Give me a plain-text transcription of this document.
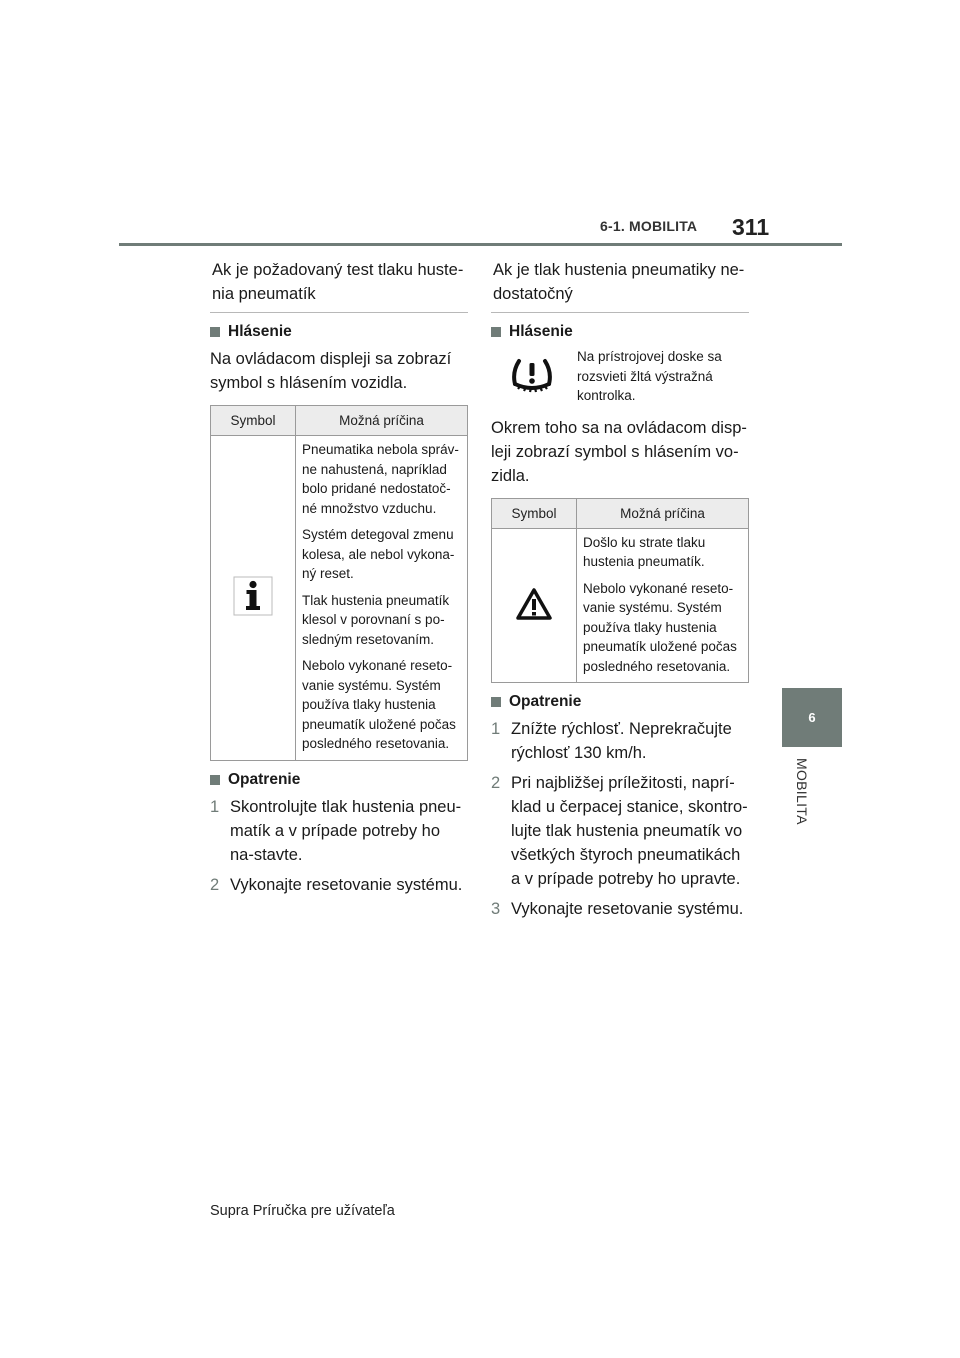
6-1. MOBILITA 311
6
MOBILITA
Ak je požadovaný test tlaku huste-nia pneumatík
Hlásenie
Na ovládacom displeji sa zobrazí symbol s hlásením vozidla.
Symbol	Možná príčina

Pneumatika nebola správ-ne nahustená, napríklad bolo pridané nedostatoč-né množstvo vzduchu.
Systém detegoval zmenu kolesa, ale nebol vykona-ný reset.
Tlak hustenia pneumatík klesol v porovnaní s po-sledným resetovaním.
Nebolo vykonané reseto-vanie systému. Systém používa tlaky hustenia pneumatík uložené počas posledného resetovania.
Opatrenie
1 Skontrolujte tlak hustenia pneu-matík a v prípade potreby ho na-stavte.
2 Vykonajte resetovanie systému.
Ak je tlak hustenia pneumatiky ne-dostatočný
Hlásenie
Na prístrojovej doske sa rozsvieti žltá výstražná kontrolka.
Okrem toho sa na ovládacom disp-leji zobrazí symbol s hlásením vo-zidla.
Symbol	Možná príčina

Došlo ku strate tlaku hustenia pneumatík.
Nebolo vykonané reseto-vanie systému. Systém používa tlaky hustenia pneumatík uložené počas posledného resetovania.
Opatrenie
1 Znížte rýchlosť. Neprekračujte rýchlosť 130 km/h.
2 Pri najbližšej príležitosti, naprí-klad u čerpacej stanice, skontro-lujte tlak hustenia pneumatík vo všetkých štyroch pneumatikách a v prípade potreby ho upravte.
3 Vykonajte resetovanie systému.
Supra Príručka pre užívateľa
